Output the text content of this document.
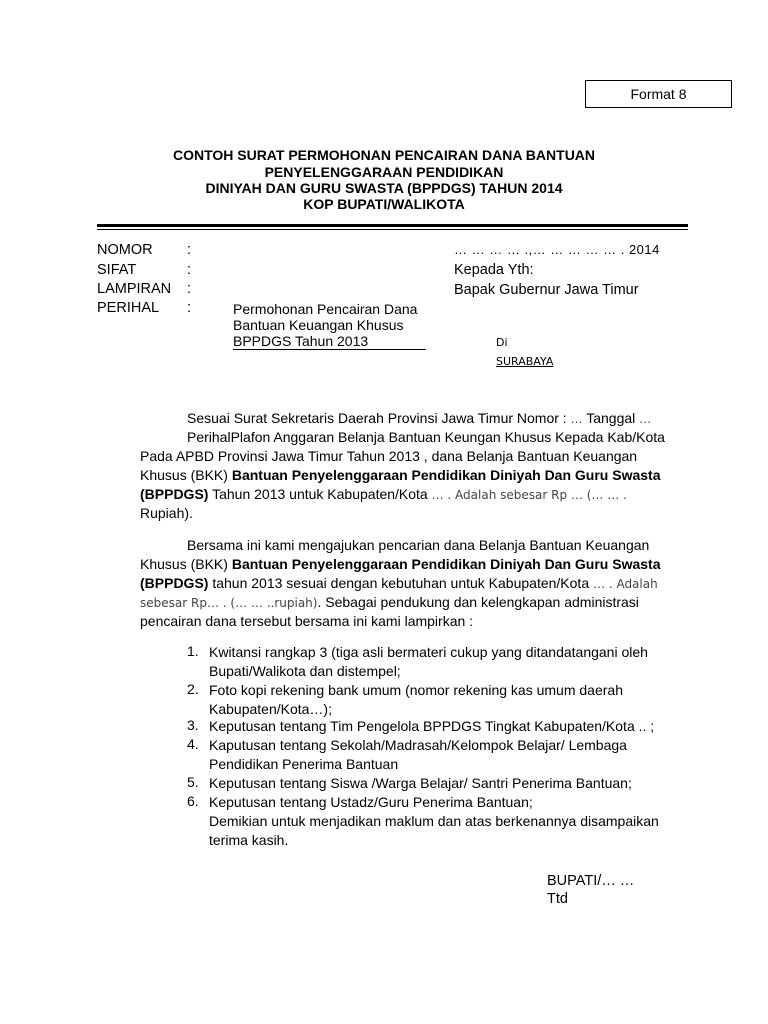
Format 8
CONTOH SURAT PERMOHONAN PENCAIRAN DANA BANTUAN
PENYELENGGARAAN PENDIDIKAN
DINIYAH DAN GURU SWASTA (BPPDGS) TAHUN 2014
KOP BUPATI/WALIKOTA
NOMOR :
SIFAT	:
LAMPIRAN :
PERIHAL :	Permohonan Pencairan Dana
Bantuan Keuangan Khusus
BPPDGS Tahun 2013
… … … … .,… … … … … . 2014
Kepada Yth:
Bapak Gubernur Jawa Timur
Di
SURABAYA
Sesuai Surat Sekretaris Daerah Provinsi Jawa Timur Nomor : … Tanggal …
PerihalPlafon Anggaran Belanja Bantuan Keungan Khusus Kepada Kab/Kota
Pada APBD Provinsi Jawa Timur Tahun 2013 , dana Belanja Bantuan Keuangan
Khusus (BKK) Bantuan Penyelenggaraan Pendidikan Diniyah Dan Guru Swasta
(BPPDGS) Tahun 2013 untuk Kabupaten/Kota … . Adalah sebesar Rp … (… … .
Rupiah).
Bersama ini kami mengajukan pencarian dana Belanja Bantuan Keuangan
Khusus (BKK) Bantuan Penyelenggaraan Pendidikan Diniyah Dan Guru Swasta
(BPPDGS) tahun 2013 sesuai dengan kebutuhan untuk Kabupaten/Kota … . Adalah
sebesar Rp… . (… … ..rupiah). Sebagai pendukung dan kelengkapan administrasi
pencairan dana tersebut bersama ini kami lampirkan :
1. Kwitansi rangkap 3 (tiga asli bermateri cukup yang ditandatangani oleh
Bupati/Walikota dan distempel;
2. Foto kopi rekening bank umum (nomor rekening kas umum daerah
Kabupaten/Kota…);
3. Keputusan tentang Tim Pengelola BPPDGS Tingkat Kabupaten/Kota .. ;
4. Kaputusan tentang Sekolah/Madrasah/Kelompok Belajar/ Lembaga
Pendidikan Penerima Bantuan
5. Keputusan tentang Siswa /Warga Belajar/ Santri Penerima Bantuan;
6. Keputusan tentang Ustadz/Guru Penerima Bantuan;
Demikian untuk menjadikan maklum dan atas berkenannya disampaikan
terima kasih.
BUPATI/… …
Ttd
